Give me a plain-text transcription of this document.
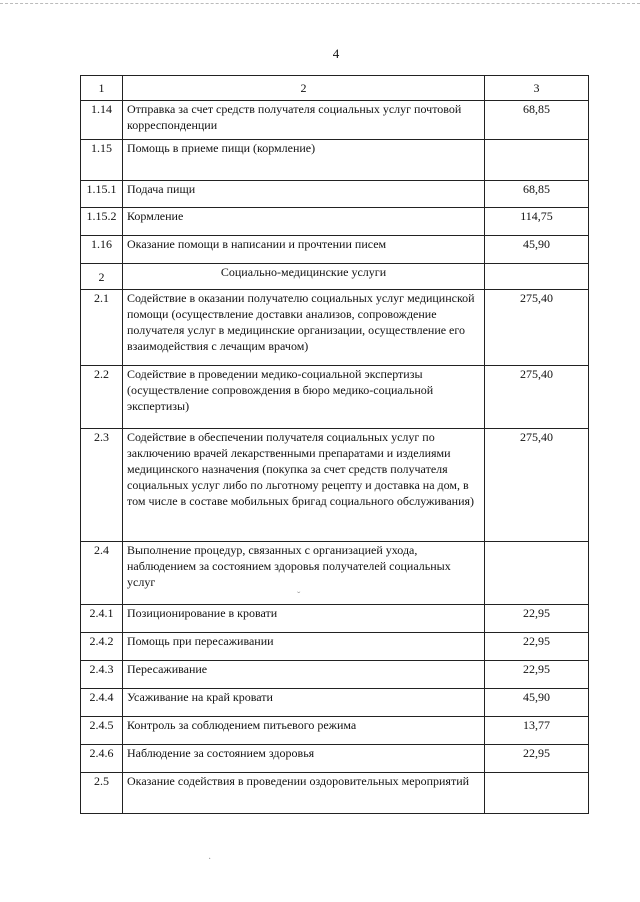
4
1	2	3
1.14	Отправка за счет средств получателя социальных услуг почтовой корреспонденции	68,85
1.15	Помощь в приеме пищи (кормление)	
1.15.1	Подача пищи	68,85
1.15.2	Кормление	114,75
1.16	Оказание помощи в написании и прочтении писем	45,90
2	Социально-медицинские услуги	
2.1	Содействие в оказании получателю социальных услуг медицинской помощи (осуществление доставки анализов, сопровождение получателя услуг в медицинские организации, осуществление его взаимодействия с лечащим врачом)	275,40
2.2	Содействие в проведении медико-социальной экспертизы (осуществление сопровождения в бюро медико-социальной экспертизы)	275,40
2.3	Содействие в обеспечении получателя социальных услуг по заключению врачей лекарственными препаратами и изделиями медицинского назначения (покупка за счет средств получателя социальных услуг либо по льготному рецепту и доставка на дом, в том числе в составе мобильных бригад социального обслуживания)	275,40
2.4	Выполнение процедур, связанных с организацией ухода, наблюдением за состоянием здоровья получателей социальных услуг	
2.4.1	Позиционирование в кровати	22,95
2.4.2	Помощь при пересаживании	22,95
2.4.3	Пересаживание	22,95
2.4.4	Усаживание на край кровати	45,90
2.4.5	Контроль за соблюдением питьевого режима	13,77
2.4.6	Наблюдение за состоянием здоровья	22,95
2.5	Оказание содействия в проведении оздоровительных мероприятий	
ˇ
·
